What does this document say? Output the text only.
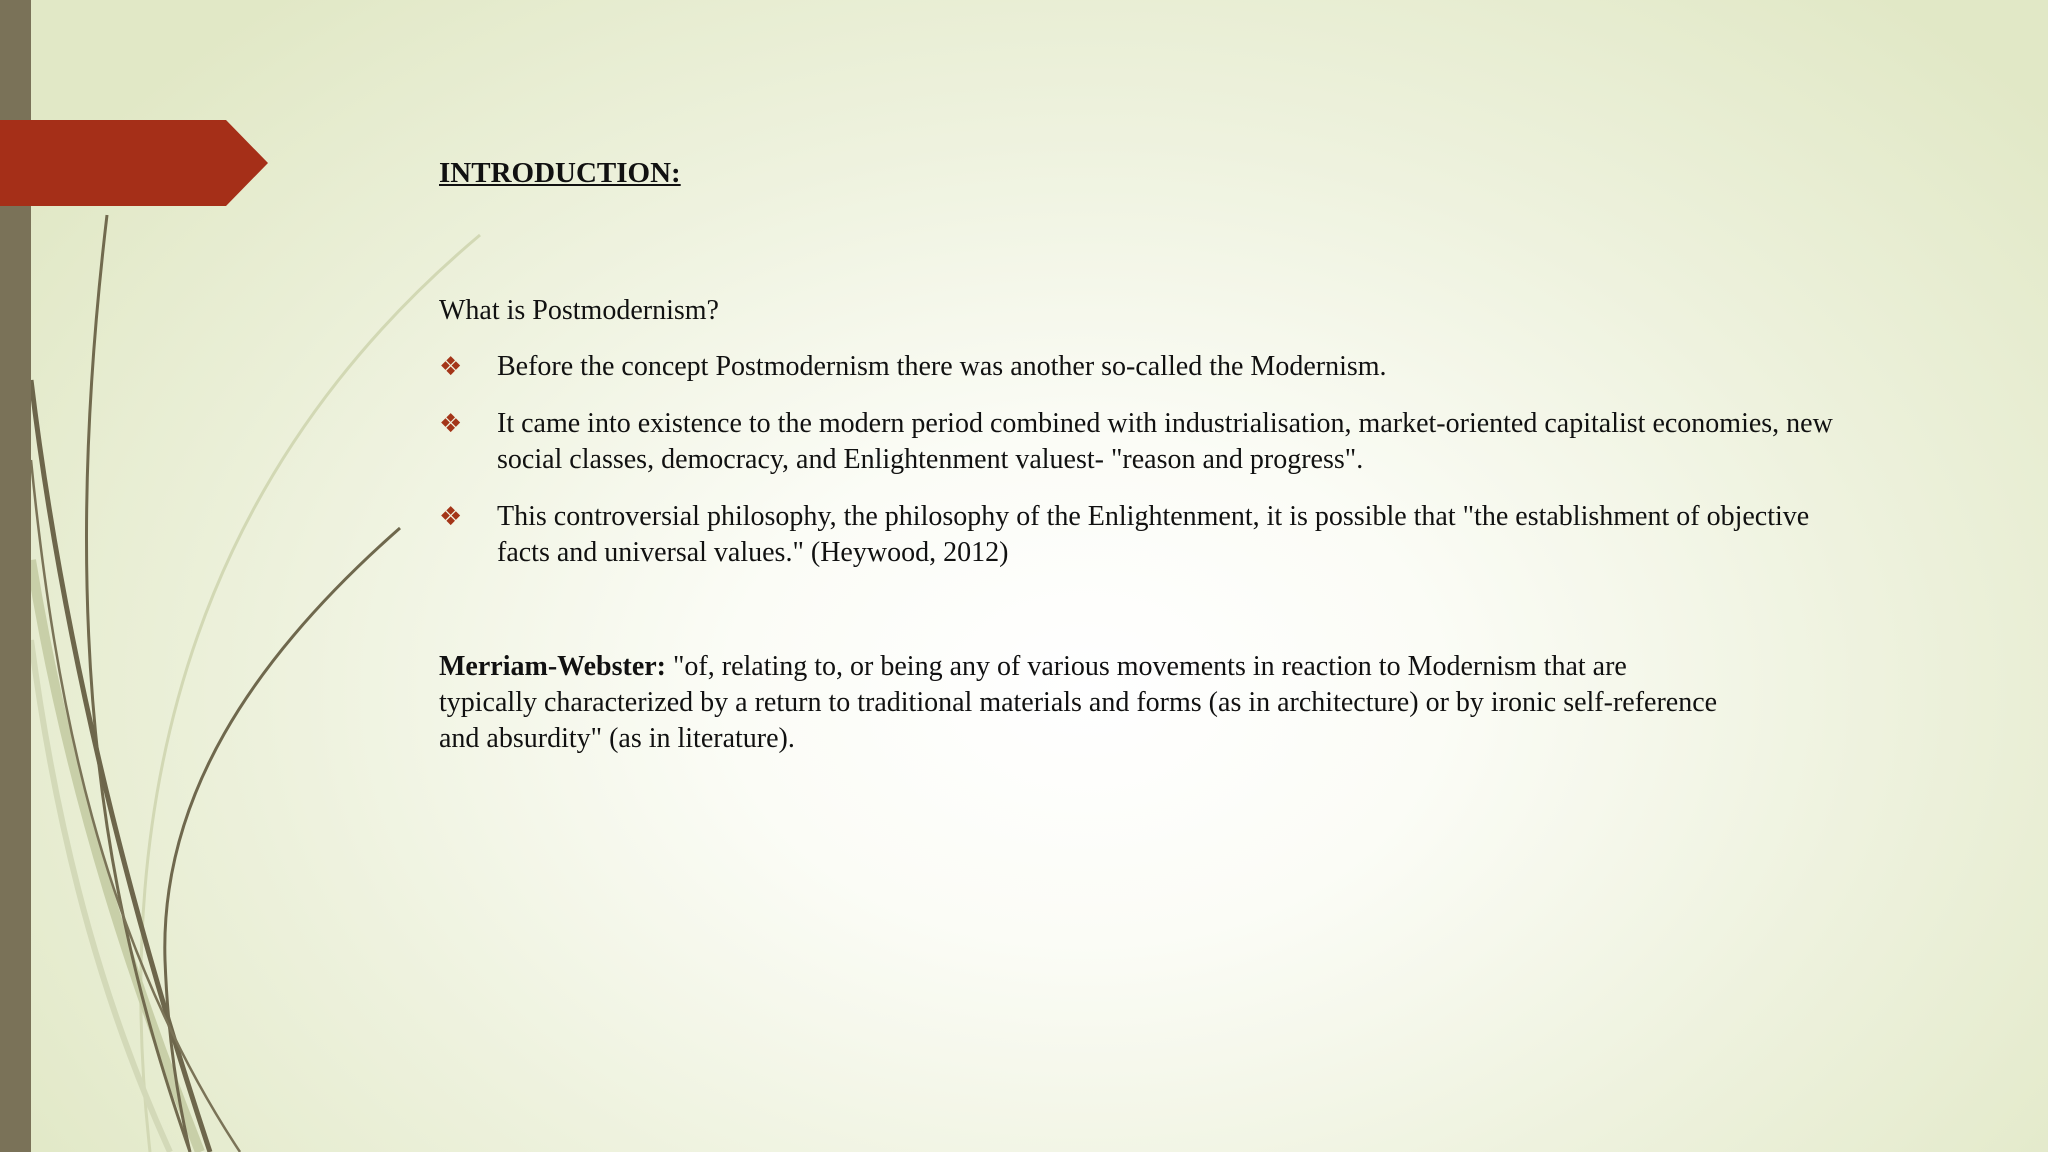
INTRODUCTION:
What is Postmodernism?
❖ Before the concept Postmodernism there was another so-called the Modernism.
❖ It came into existence to the modern period combined with industrialisation, market-oriented capitalist economies, new social classes, democracy, and Enlightenment valuest- "reason and progress".
❖ This controversial philosophy, the philosophy of the Enlightenment, it is possible that "the establishment of objective facts and universal values." (Heywood, 2012)
Merriam-Webster: "of, relating to, or being any of various movements in reaction to Modernism that are typically characterized by a return to traditional materials and forms (as in architecture) or by ironic self-reference and absurdity" (as in literature).
